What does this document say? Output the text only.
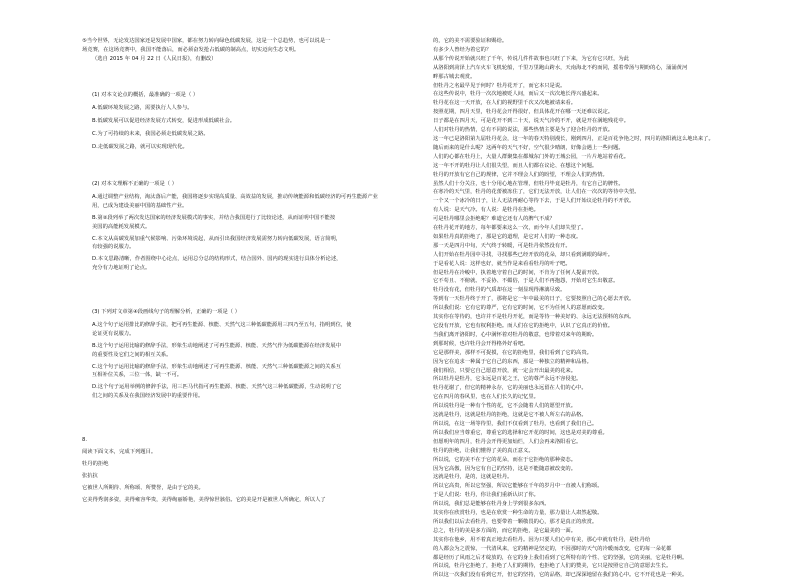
⑤当今世界，无论发达国家还是发展中国家，都在努力转向绿色低碳发展，这是一个总趋势，也可以说是一

场竞赛，在这场竞赛中，我国不能落后，而必须奋发抢占低碳的制高点，切实迈向生态文明。

（选自 2015 年 04 月 22 日《人民日报》，有删改）

(1) 对本文论点的概括，最准确的一项是（ ）

A.低碳环境发展之路，需要执行人人参与。

B.低碳发展可以促进经济发展方式转变，促进形成低碳社会。

C.为了可持续的未来，我国必须走低碳发展之路。

D.走低碳发展之路，就可以实现现代化。

(2) 对本文理解不正确的一项是（ ）

A.通过调整产业结构，淘汰落后产能，我国将逐步实现高质量、高效益的发展，推动传统能源和低碳经济的可再生能源产业

用，已成为建设美丽中国的基础性产业。

B.第②段列举了两次发达国家的经济发展模式的事实，并结合我国进行了比较论述，从而证明中国不能按

美国的高能耗发展模式。

C.本文从高碳发展加重气候影响、污染环境说起，从而引出我国经济发展需努力转向低碳发展，语言简明，

有较强的说服力。

D.本文思路清晰，作者围绕中心论点，运用总分总的结构形式，结合国外、国内的现实进行具体分析论述，

充分有力地证明了论点。

(3) 下列对文章第④段画线句子的理解分析，正确的一项是（ ）

A.这个句子运用排比的修辞手法，把可再生能源、核能、天然气这三种低碳能源用三四乃至五句，指明到位，使

论证更有说服力。

B.这个句子运用比喻的修辞手法，形象生动地阐述了可再生能源、核能、天然气作为低碳能源在经济发展中

的重要性及它们之间的相互关系。

C.这个句子运用比喻的修辞手法，形象生动地阐述了可再生能源、核能、天然气三种低碳能源之间的关系互

互相补位关系，三位一体，缺一不可。

D.这个句子运用举例的修辞手法，用三匹马代指可再生能源、核能、天然气这三种低碳能源，生动说明了它

们之间的关系及在我国经济发展中的重要作用。

8.

阅读下面文本，完成下列题目。

牡丹的拒绝

张抗抗

它被世人所期待、所称颂、所赞誉，是由于它的美。

它美得秀润多姿，美得雍容华贵，美得绚丽娇艳，美得惊世骇俗。它的美是开是被世人所确定，所以人了

的，它的美不需要验证和赐给。

有多少人曾经为着它的？

从那个传说开始就兴旺了千年，传说几件件故事也兴旺了下来，为它有它兴旺，为此

从洛阳到菏泽上汽车火车飞机轮船，千里万里跑山跨水，天南海北不约而同，摇着带汤与期盼的心，涌涌黄河

畔那古城去观赏。

但牡丹之名最早见于何时？牡丹花开了，而它本只是说。

在这些传说中，牡丹一次次地被贬人间，而后又一次次地长得兴盛起来。

牡丹花在这一天开放，在人们的视野里千次又次地被请来看。

按照花期，四月天里，牡丹花会开得很好，但具体花开在哪一天还难以说定。

日子都是在四月天，可是花开不到二十天，说天气冷的不开，就是开在满地残花中。

人们对牡丹的热情，总有不同的说法，那些热情主要是为了迎合牡丹的开放。

这一年已是洛阳第九届牡丹花会，这一年的春天特别漫长，刚到四月，正是百花争艳之时，四月的洛阳就这么地出来了。

随后而来的是什么呢？这两年的天气不好，空气很少晴朗，好像会遇上一些问题。

人们的心都在牡丹上，大量人群聚集在都城东门外的王城公园，一片片地站着看花。

这一年不开的牡丹让人们很失望，而且人们都在议论、在想这个问题。

牡丹的开放有它自己的规律，它并不理会人们的盼望，不理会人们的热情。

虽然人们十分关注，也十分用心地在管理，但牡丹毕竟是牡丹，有它自己的脾性。

在寒冷的天气里，牡丹的花蕾被冻住了，它们无法开放，让人们在一次次的等待中失望。

一个又一个冰冷的日子，让人无法再耐心等待下去，于是人们开始议论牡丹的不开放。

有人说：是天气冷。有人说：是牡丹在拒绝。

可是牡丹哪里会拒绝呢？难道它还有人的脾气不成？

在牡丹花开的地方，每年都要来这么一次，而今年人们却失望了。

如果牡丹真的拒绝了，那是它的道理，是它对人们的一种态度。

那一天是四月中旬，天气终于转暖，可是牡丹依然没有开。

人们开始在牡丹园中寻找，寻找那些已经开放的花朵，却只看到满眼的绿叶。

于是看花人说：这样也好，就当作是来看看牡丹的叶子吧。

但是牡丹在冷峻中，执着地守着自己的时间，不肯为了任何人提前开放。

它不苟且、不俯就、不妥协、不媚俗，于是人们不再抱怨，开始对它生出敬意。

牡丹没有花，但牡丹的气质却在这一刻显现得淋漓尽致。

等到有一天牡丹终于开了，那将是它一年中最美的日子，它要按照自己的心愿去开放。

所以我们说：它有它的尊严，它有它的时间，它不为任何人的意愿而改变。

其实你在等待的，也许并不是牡丹开花，而是等待一种美好的、永远无法预料的东西。

它没有开放，它也有权利拒绝。而人们在它的拒绝中，认识了它真正的价值。

当我们离开洛阳时，心中满怀着对牡丹的敬意，也带着对来年的期盼。

到那时候，也许牡丹会开得格外好看吧。

它是那样美，那样不可捉摸，在它的拒绝里，我们看到了它的高贵。

因为它在追求一种属于它自己的东西，那是一种独立的精神和品格。

我们相信，只要它自己愿意开放，就一定会开出最美的花来。

所以牡丹是牡丹，它永远是百花之王，它的尊严永远不容侵犯。

牡丹花谢了，但它的精神永存，它的美丽也永远留在人们的心中。

它在四月的春风里，也在人们长久的记忆里。

所以说牡丹是一种有个性的花，它不会随着人们的愿望开放。

这就是牡丹，这就是牡丹的拒绝，这就是它不被人所左右的品格。

所以说，在这一场等待里，我们不仅看到了牡丹，也看到了我们自己。

所以我们应当尊重它，尊重它的选择和它开花的时间，这也是对美的尊重。

但愿明年的四月，牡丹会开得更加灿烂，人们会再来洛阳看它。

牡丹的拒绝，让我们懂得了美的真正意义。

所以说，它的美不在于它的花朵，而在于它拒绝的那种姿态。

因为它高傲，因为它有自己的坚持，这是不能随意被改变的。

这就是牡丹，是的，这就是牡丹。

所以它高贵，所以它坚强，所以它能够在千年的岁月中一直被人们称颂。

于是人们说：牡丹，你让我们重新认识了你。

所以说，我们总是能够在牡丹身上学到很多东西。

其实你在欣赏牡丹，也是在欣赏一种生命的力量，那力量让人肃然起敬。

所以我们以后去看牡丹，也要带着一颗敬畏的心，那才是真正的欣赏。

总之，牡丹的美是多方面的，而它的拒绝，是它最美的一面。

其实你在他乡，用不着真正地去看牡丹。因为只要人们心中有美，那心中就有牡丹，是牡丹给

的人都会为之震惊，一代清风来，它的精神是坚定的，不因那时的天气的冷暖而改变，它的每一朵花都

都是经历了风雨之后才绽放的，在它的身上我们看到了它所特有的个性、它的坚强，它的美丽，它是牡丹啊。

所以说，牡丹它拒绝了，拒绝了人们的期待，也拒绝了人们的赞美，它只是按照它自己的意愿去生长。

所以这一次我们没有看到它开，但它的坚持，它的品格，却已深深地留在我们的心中。它不开花也是一种美。
